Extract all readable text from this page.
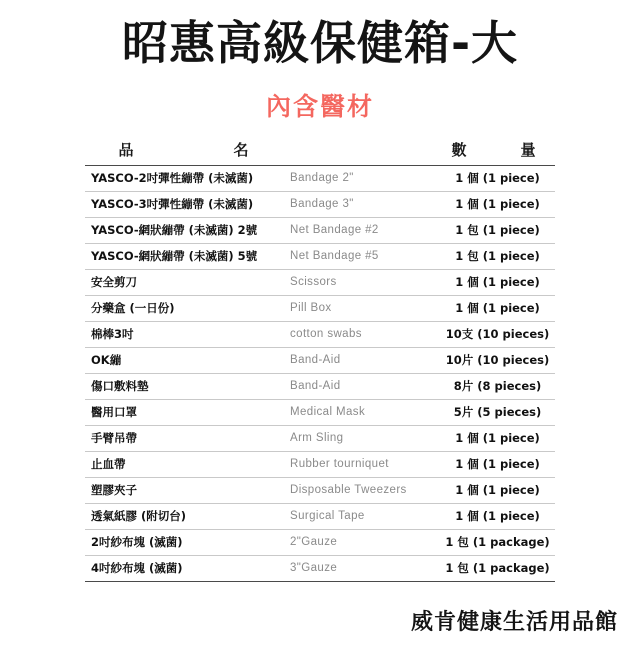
昭惠高級保健箱-大
內含醫材
品　　　　名		數　　量
YASCO-2吋彈性繃帶 (未滅菌)	Bandage 2"	1 個 (1 piece)
YASCO-3吋彈性繃帶 (未滅菌)	Bandage 3"	1 個 (1 piece)
YASCO-網狀繃帶 (未滅菌) 2號	Net Bandage #2	1 包 (1 piece)
YASCO-網狀繃帶 (未滅菌) 5號	Net Bandage #5	1 包 (1 piece)
安全剪刀	Scissors	1 個 (1 piece)
分藥盒 (一日份)	Pill Box	1 個 (1 piece)
棉棒3吋	cotton swabs	10支 (10 pieces)
OK繃	Band-Aid	10片 (10 pieces)
傷口敷料墊	Band-Aid	8片 (8 pieces)
醫用口罩	Medical Mask	5片 (5 pieces)
手臂吊帶	Arm Sling	1 個 (1 piece)
止血帶	Rubber tourniquet	1 個 (1 piece)
塑膠夾子	Disposable Tweezers	1 個 (1 piece)
透氣紙膠 (附切台)	Surgical Tape	1 個 (1 piece)
2吋紗布塊 (滅菌)	2"Gauze	1 包 (1 package)
4吋紗布塊 (滅菌)	3"Gauze	1 包 (1 package)
威肯健康生活用品館
